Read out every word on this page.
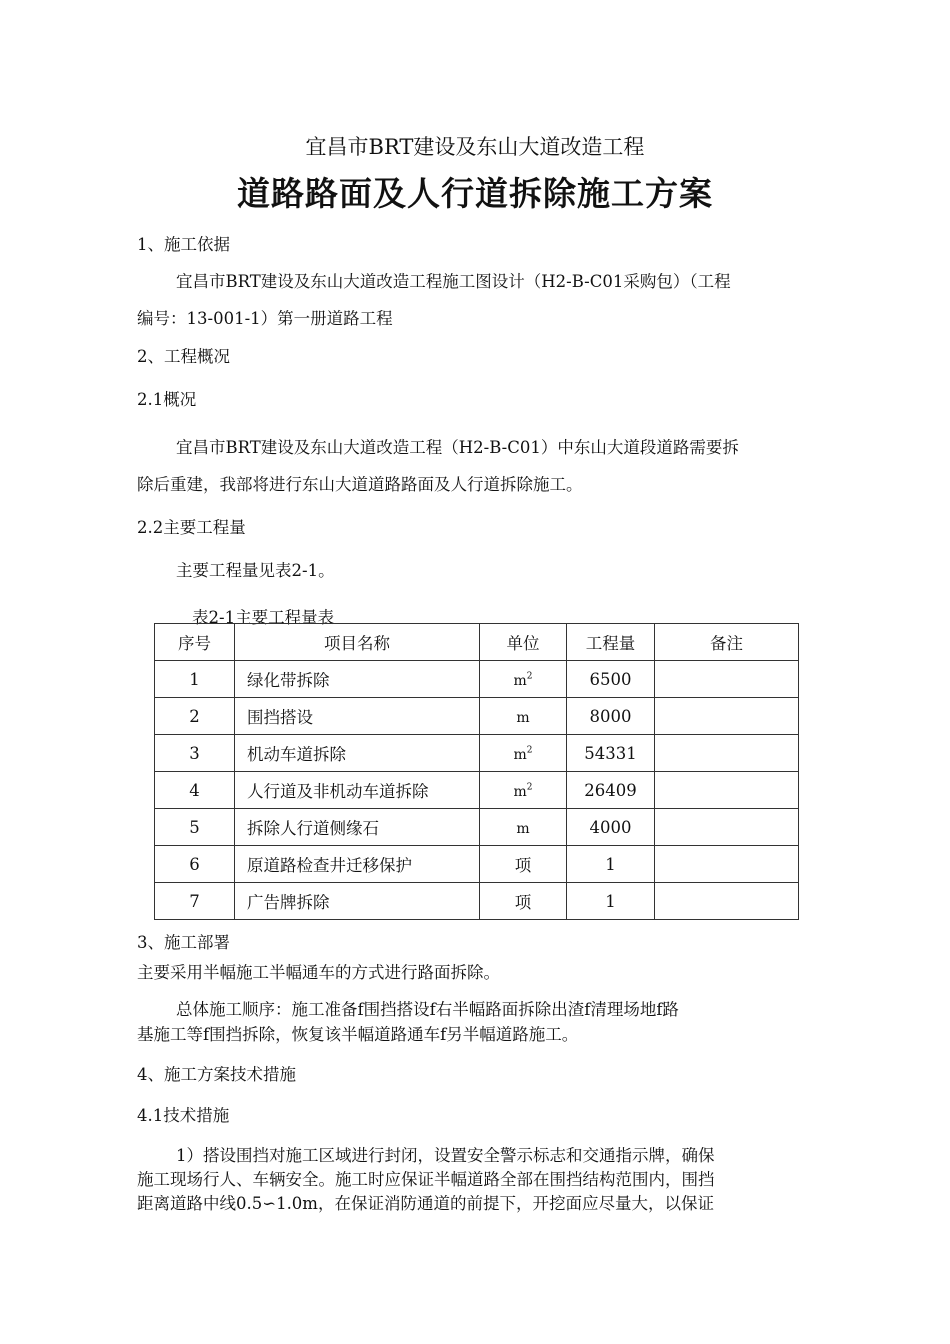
宜昌市BRT建设及东山大道改造工程
道路路面及人行道拆除施工方案
1、施工依据
宜昌市BRT建设及东山大道改造工程施工图设计（H2-B-C01采购包）（工程
编号：13-001-1）第一册道路工程
2、工程概况
2.1概况
宜昌市BRT建设及东山大道改造工程（H2-B-C01）中东山大道段道路需要拆
除后重建，我部将进行东山大道道路路面及人行道拆除施工。
2.2主要工程量
主要工程量见表2-1。
表2-1主要工程量表
序号	项目名称	单位	工程量	备注
1	绿化带拆除	$m^2$	6500	
2	围挡搭设	m	8000	
3	机动车道拆除	$m^2$	54331	
4	人行道及非机动车道拆除	$m^2$	26409	
5	拆除人行道侧缘石	m	4000	
6	原道路检查井迁移保护	项	1	
7	广告牌拆除	项	1	
3、施工部署
主要采用半幅施工半幅通车的方式进行路面拆除。
总体施工顺序：施工准备f围挡搭设f右半幅路面拆除出渣f清理场地f路
基施工等f围挡拆除，恢复该半幅道路通车f另半幅道路施工。
4、施工方案技术措施
4.1技术措施
1）搭设围挡对施工区域进行封闭，设置安全警示标志和交通指示牌，确保
施工现场行人、车辆安全。施工时应保证半幅道路全部在围挡结构范围内，围挡
距离道路中线0.5∽1.0m，在保证消防通道的前提下，开挖面应尽量大，以保证
